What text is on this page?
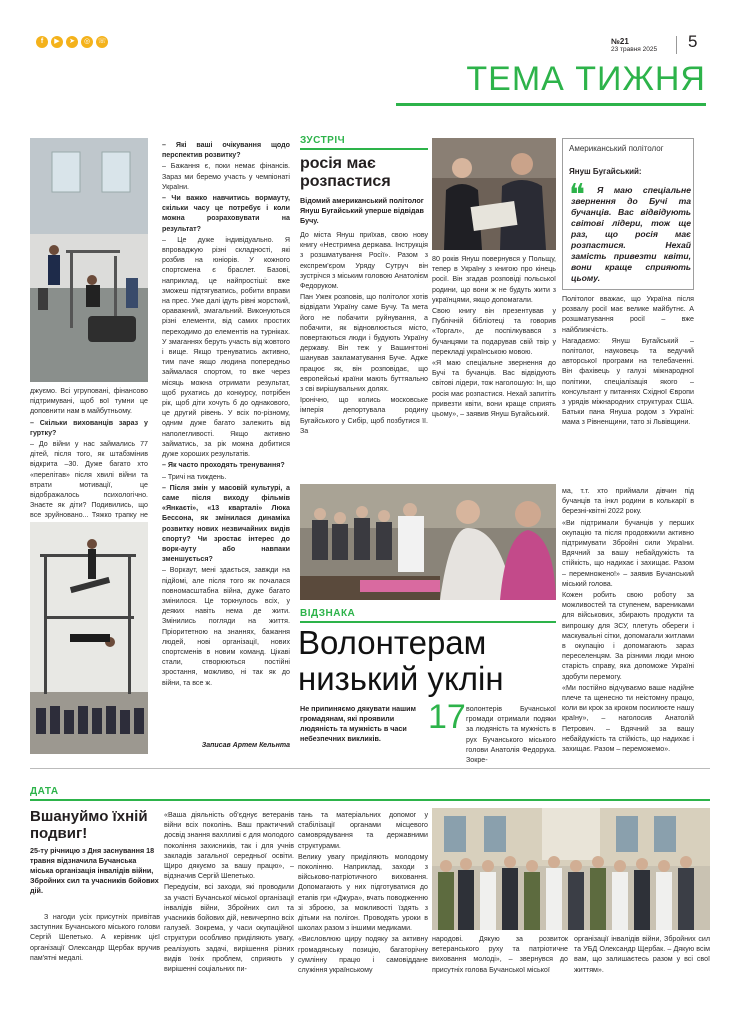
f	▶	➤	◎	☏	№21
23 травня 2025 5
ТЕМА ТИЖНЯ

джуємо. Всі угруповані, фінансово підтримувані, щоб вої тумни це доповнити нам в майбутньому.

– Скільки вихованців зараз у гуртку?

– До війни у нас займались 77 дітей, після того, як штабзмінив відкрита –30. Дуже багато хто «перелітав» після хвилі війни та втрати мотивації, це відображалось психологічно. Знаєте як діти? Подивились, що все зруйновано... Тяжко трапку не

– Які ваші очікування щодо перспектив розвитку?

– Бажання є, поки немає фінансів. Зараз ми беремо участь у чемпіонаті України.

– Чи важко навчитись вормауту, скільки часу це потребує і коли можна розраховувати на результат?

– Це дуже індивідуально. Я впроваджую різні складності, які розбив на юніорів. У кожного спортсмена є браслет. Базові, наприклад, це найпростіші: вже зможеш підтягуватись, робити вправи на прес. Уже далі ідуть рівні жорсткий, ораважний, змагальний. Виконуються різні елементи, від самих простих переходимо до елементів на турніках. У змаганнях беруть участь від жовтого і вище. Якщо тренуватись активно, тим паче якщо людина попередньо займалася спортом, то вже через місяць можна отримати результат, щоб рухатись до конкурсу, потрібен рік, щоб діти хочуть б до однакового, це другий рівень. У всіх по-різному, одним дуже багато залежить від наполегливості. Якщо активно займатись, за рік можна добитися дуже хороших результатів.

– Як часто проходять тренування?

– Тричі на тиждень.

– Після змін у масовій культурі, а саме після виходу фільмів «Янкаєті», «13 кварталі» Люка Бессона, як змінилася динаміка розвитку нових незвичайних видів спорту? Чи зростає інтерес до ворк-ауту або навпаки зменшується?

– Воркаут, мені здається, завжди на підйомі, але після того як почалася повномасштабна війна, дуже багато змінилося. Це торкнулось всіх, у деяких навіть нема де жити. Змінились погляди на життя. Пріоритетною на знаннях, бажання людей, нові організації, нових спортсменів в новим команд. Цікаві стали, створюються постійні зростання, можливо, ні так як до війни, та все ж.

Записав Артем Кельнта
ЗУСТРІЧ
росія має розпастися
Відомий американський політолог Януш Бугайський уперше відвідав Бучу.

До міста Януш приїхав, свою нову книгу «Нестримна держава. Інструкція з розшматування Росії». Разом з експрем'єром Уряду Сутруч він зустрічся з міським головою Анатолієм Федоруком.

Пан Ужек розповів, що політолог хотів відвідати Україну саме Бучу. Та мета його не побачити руйнування, а побачити, як відновлюється місто, повертаються люди і будують Україну державу. Він теж у Вашингтоні шанував закламатування Буче. Адже працює як, він розповідає, що европейські країни мають буттяально з сві вирішувальних долях.

Іронічно, що колись московське імперія депортувала родину Бугайського у Сибір, щоб позбутися її. За

80 років Януш повернувся у Польщу, тепер в Україну з книгою про кінець росії. Він згадав розповіді польської родини, що вони ж не будуть жити з українцями, якщо допомагали.

Свою книгу він презентував у Публічній бібліотеці та говорив «Торгал», де поспілкувався з бучанцями та подарував свій твір у перекладі українською мовою.

«Я маю спеціальне звернення до Бучі та бучанців. Вас відвідують світові лідери, тож наголошую: Ін, що росія має розпастися. Нехай запитіть привезти квіти, вони краще сприять цьому», – заявив Януш Бугайський.

Американський політолог
Януш Бугайський:
❝	Я маю спеціальне звернення до Бучі та бучанців. Вас відвідують світові лідери, тож ще раз, що росія має розпастися. Нехай замість привезти квіти, вони краще сприяють цьому.

Політолог вважає, що Україна після розвалу росії має велике майбутнє. А розшматування росії – вже найближчість.

Нагадаємо: Януш Бугайський – політолог, науковець та ведучий авторської програми на телебаченні. Він фахівець у галузі міжнародної політики, спеціалізація якого – консультант у питаннях Східної Європи з урядів міжнародних структурах США. Батьки пана Януша родом з Україні: мама з Рівненщини, тато зі Львівщини.

ВІДЗНАКА
Волонтерам
низький уклін
Не припиняємо дякувати нашим громадянам, які проявили людяність та мужність в часи небезпечних викликів.
17 волонтерів Бучанської громади отримали подяки за людяність та мужність в рух Бучанського міського голови Анатолія Федорука. Зокре-

ма, т.т. хто приймали дівчин під бучанців та інкл родини в колькарії в березні-квітні 2022 року.

«Ви підтримали бучанців у перших окупацію та після продовжили активно підтримувати Збройні сили України. Вдячний за вашу небайдужість та стійкість, що надихає і захищає. Разом – перемножено!» – заявив Бучанський міський голова.

Кожен робить свою роботу за можливостей та ступенем, варениками для військових, збирають продукти та випрошку для ЗСУ, плетуть обереги і маскувальні сітки, допомагали житлами в окупацію і допомагають зараз переселенцям. За різними люди мною старість справу, яка допоможе Україні здобути перемогу.

«Ми постійно відчуваємо ваше надійне плече та щенесно ти неістомну працю, коли ви крок за кроком посилюєте нашу країну», – наголосив Анатолій Петрович. – Вдячний за вашу небайдужість та стійкість, що надихає і захищає. Разом – переможемо».

ДАТА
Вшануймо їхній подвиг!
25-ту річницю з Дня заснування 18 травня відзначила Бучанська міська організація інвалідів війни, Збройних сил та учасників бойових дій.

З нагоди усіх присутніх привітав заступник Бучанського міського голови Сергій Шепетько. А керівник цієї організації Олександр Щербак вручив пам'ятні медалі.

«Ваша діяльність об'єднує ветеранів війни всіх поколінь. Ваш практичний досвід знання вахлливі є для молодого покоління захисників, так і для учнів закладів загальної середньої освіти. Щиро дякуємо за вашу працю», – відзначив Сергій Шепетько.

Передусім, всі заходи, які проводили за участі Бучанської міської організації інвалідів війни, Збройних сил та учасників бойових дій, невичерпно всіх галузей. Зокрема, у часи окупаційної структури особливо приділяють увагу, реалізують задачі, вирішення різних видів їхніх проблем, сприяють у вирішенні соціальних пи-

тань та матеріальних допомог у стабілізації органами місцевого самоврядування та державними структурами.

Велику увагу приділяють молодому поколінню. Наприклад, заходи з військово-патріотичного виховання. Допомагають у них підготуватися до етапів гри «Джура», вчать поводженню зі зброєю, за можливості їздять з дітьми на полігон. Проводять уроки в школах разом з іншими медиками.

«Висловлюю щиру подяку за активну громадянську позицію, багаторічну сумлінну працю і самовіддане служіння українському

народові. Дякую за розвиток ветеранського руху та патріотичне виховання молоді», – звернувся до присутніх голова Бучанської міської

організації інвалідів війни, Збройних сил та УБД Олександр Щербак. – Дякую всім вам, що залишаєтесь разом у всі свої життям».
